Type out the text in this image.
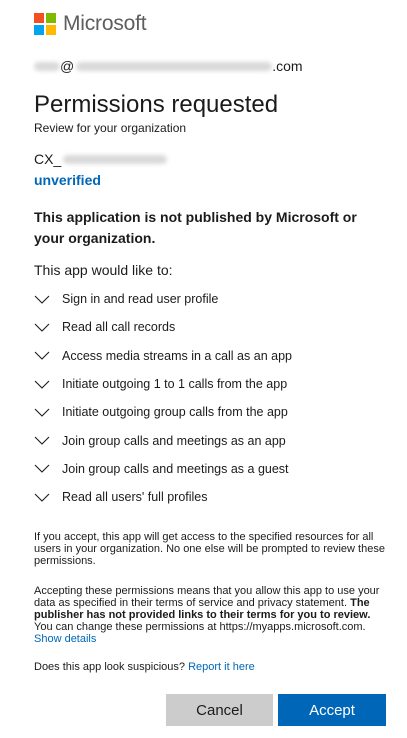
Microsoft
@	.com
Permissions requested
Review for your organization
CX_
unverified
This application is not published by Microsoft or your organization.
This app would like to:
Sign in and read user profile
Read all call records
Access media streams in a call as an app
Initiate outgoing 1 to 1 calls from the app
Initiate outgoing group calls from the app
Join group calls and meetings as an app
Join group calls and meetings as a guest
Read all users' full profiles
If you accept, this app will get access to the specified resources for all users in your organization. No one else will be prompted to review these permissions.
Accepting these permissions means that you allow this app to use your data as specified in their terms of service and privacy statement. The publisher has not provided links to their terms for you to review. You can change these permissions at https://myapps.microsoft.com. Show details
Does this app look suspicious? Report it here
Cancel	Accept
